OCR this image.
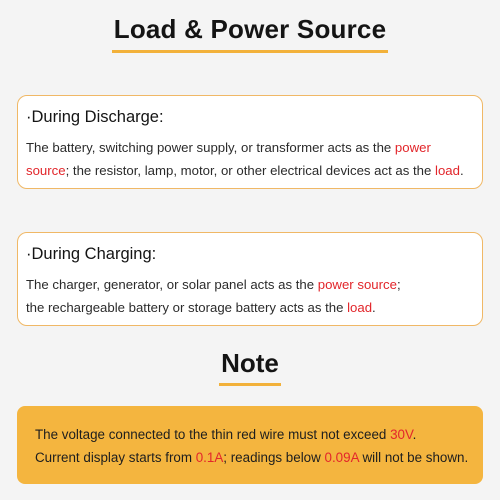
Load & Power Source
·During Discharge:
The battery, switching power supply, or transformer acts as the power
source; the resistor, lamp, motor, or other electrical devices act as the load.
·During Charging:
The charger, generator, or solar panel acts as the power source;
the rechargeable battery or storage battery acts as the load.
Note
The voltage connected to the thin red wire must not exceed 30V.
Current display starts from 0.1A; readings below 0.09A will not be shown.
